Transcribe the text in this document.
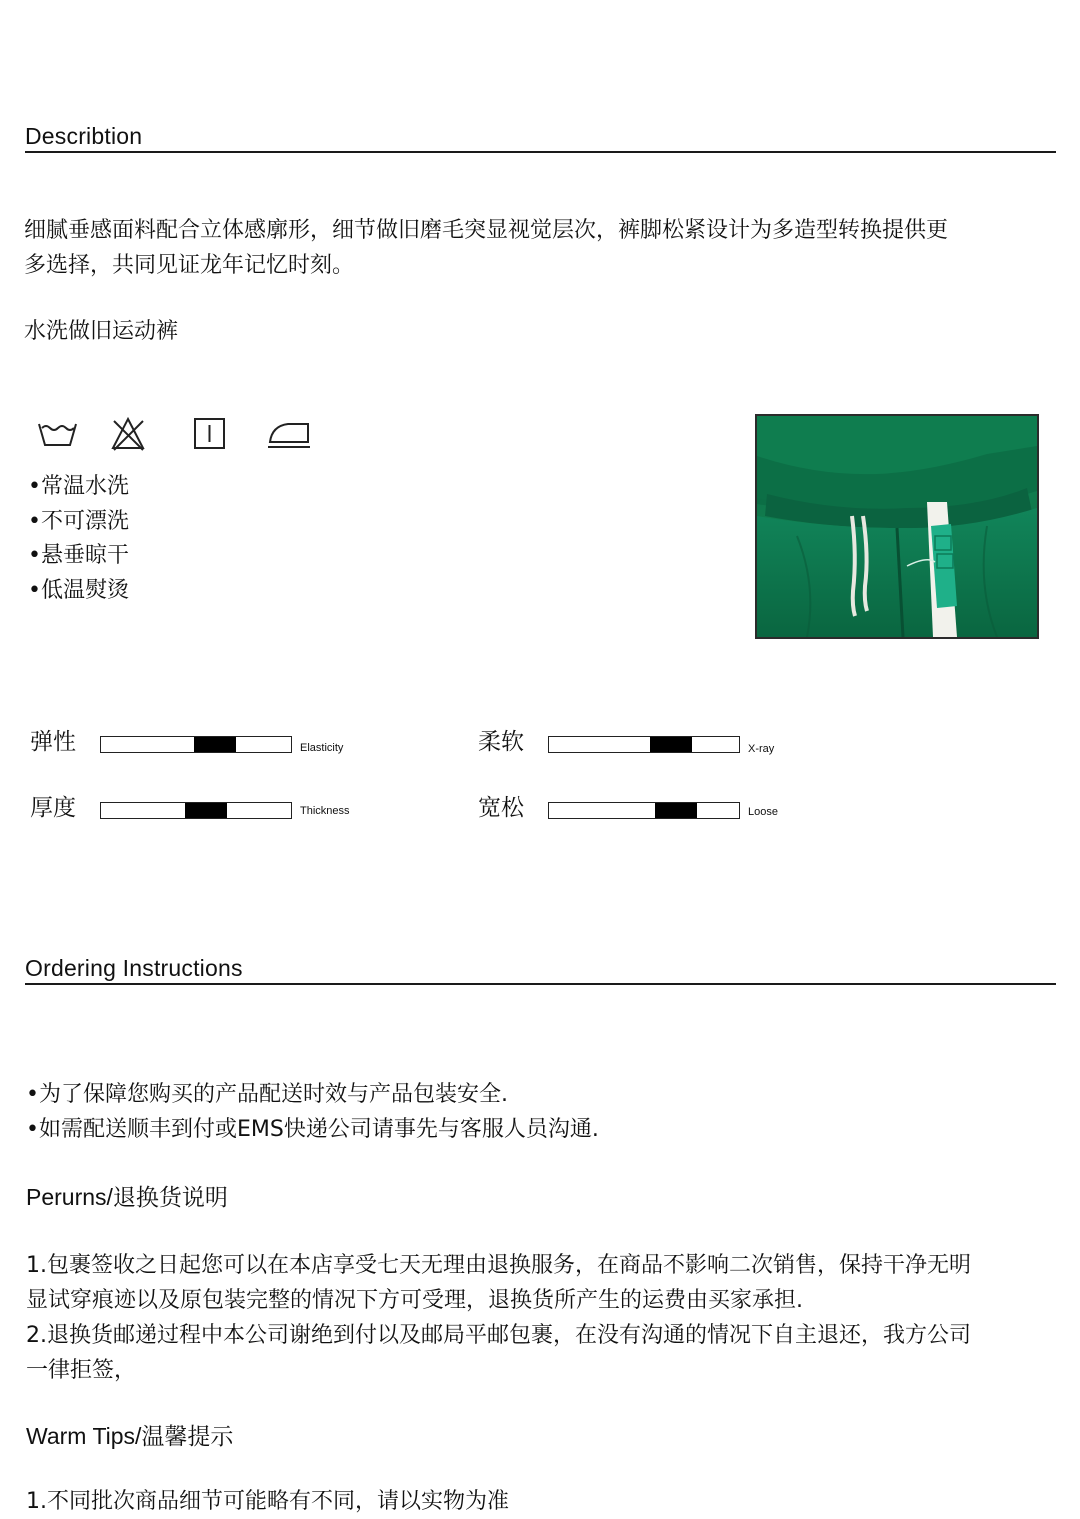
Describtion

细腻垂感面料配合立体感廓形，细节做旧磨毛突显视觉层次，裤脚松紧设计为多造型转换提供更

多选择，共同见证龙年记忆时刻。

水洗做旧运动裤

•常温水洗
•不可漂洗
•悬垂晾干
•低温熨烫
弹性	Elasticity	柔软	X-ray
厚度	Thickness	宽松	Loose
Ordering Instructions

•为了保障您购买的产品配送时效与产品包装安全.

•如需配送顺丰到付或EMS快递公司请事先与客服人员沟通.

Perurns/退换货说明

1.包裹签收之日起您可以在本店享受七天无理由退换服务，在商品不影响二次销售，保持干净无明

显试穿痕迹以及原包装完整的情况下方可受理，退换货所产生的运费由买家承担.

2.退换货邮递过程中本公司谢绝到付以及邮局平邮包裹，在没有沟通的情况下自主退还，我方公司

一律拒签，

Warm Tips/温馨提示

1.不同批次商品细节可能略有不同，请以实物为准
